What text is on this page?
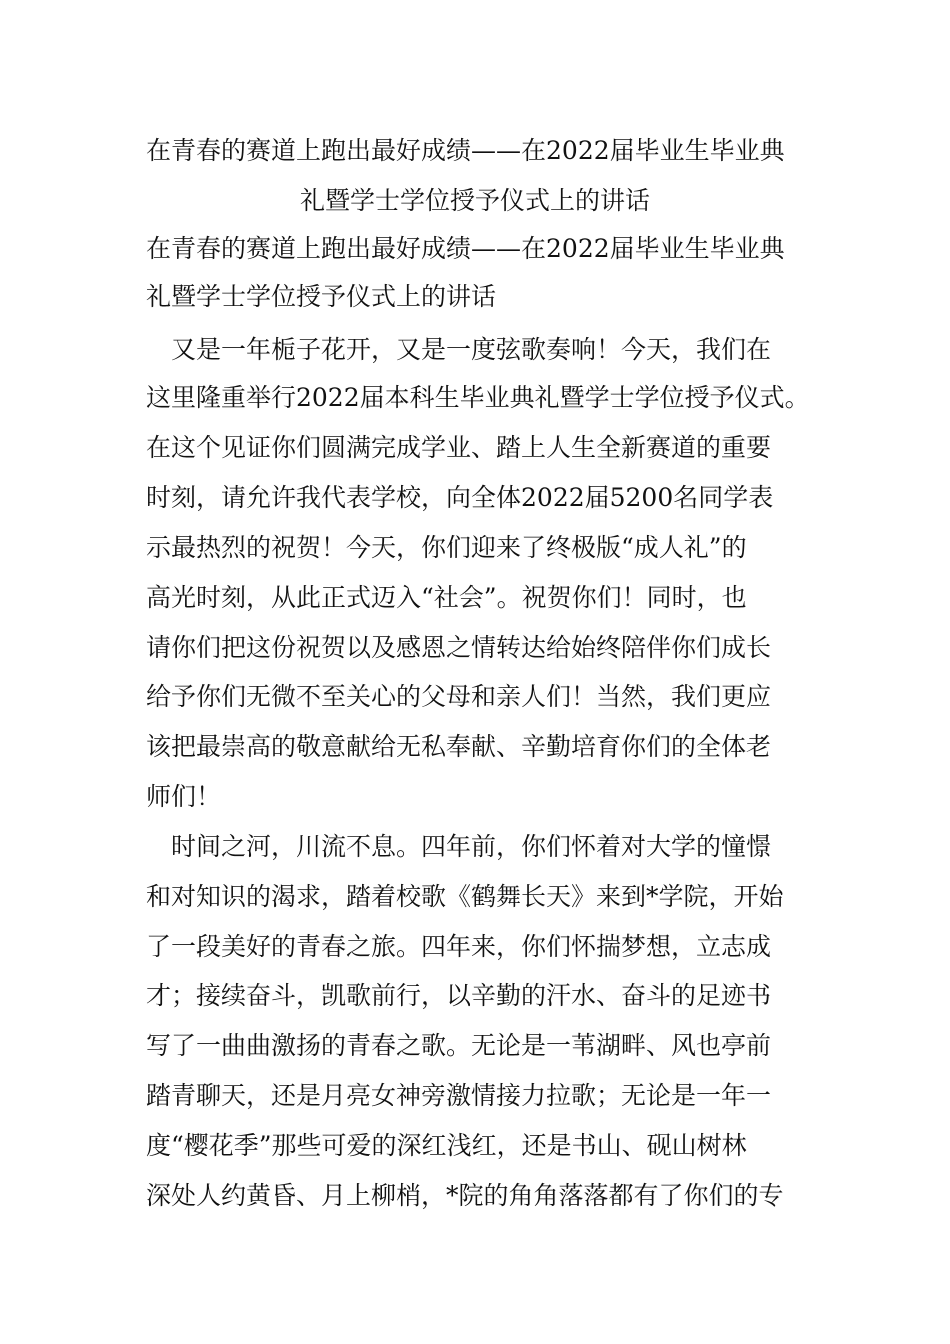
在青春的赛道上跑出最好成绩——在2022届毕业生毕业典
礼暨学士学位授予仪式上的讲话
在青春的赛道上跑出最好成绩——在2022届毕业生毕业典
礼暨学士学位授予仪式上的讲话
　又是一年栀子花开，又是一度弦歌奏响！今天，我们在
这里隆重举行2022届本科生毕业典礼暨学士学位授予仪式。
在这个见证你们圆满完成学业、踏上人生全新赛道的重要
时刻，请允许我代表学校，向全体2022届5200名同学表
示最热烈的祝贺！今天，你们迎来了终极版“成人礼”的
高光时刻，从此正式迈入“社会”。祝贺你们！同时，也
请你们把这份祝贺以及感恩之情转达给始终陪伴你们成长
给予你们无微不至关心的父母和亲人们！当然，我们更应
该把最崇高的敬意献给无私奉献、辛勤培育你们的全体老
师们！
　时间之河，川流不息。四年前，你们怀着对大学的憧憬
和对知识的渴求，踏着校歌《鹤舞长天》来到*学院，开始
了一段美好的青春之旅。四年来，你们怀揣梦想，立志成
才；接续奋斗，凯歌前行，以辛勤的汗水、奋斗的足迹书
写了一曲曲激扬的青春之歌。无论是一苇湖畔、风也亭前
踏青聊天，还是月亮女神旁激情接力拉歌；无论是一年一
度“樱花季”那些可爱的深红浅红，还是书山、砚山树林
深处人约黄昏、月上柳梢，*院的角角落落都有了你们的专
